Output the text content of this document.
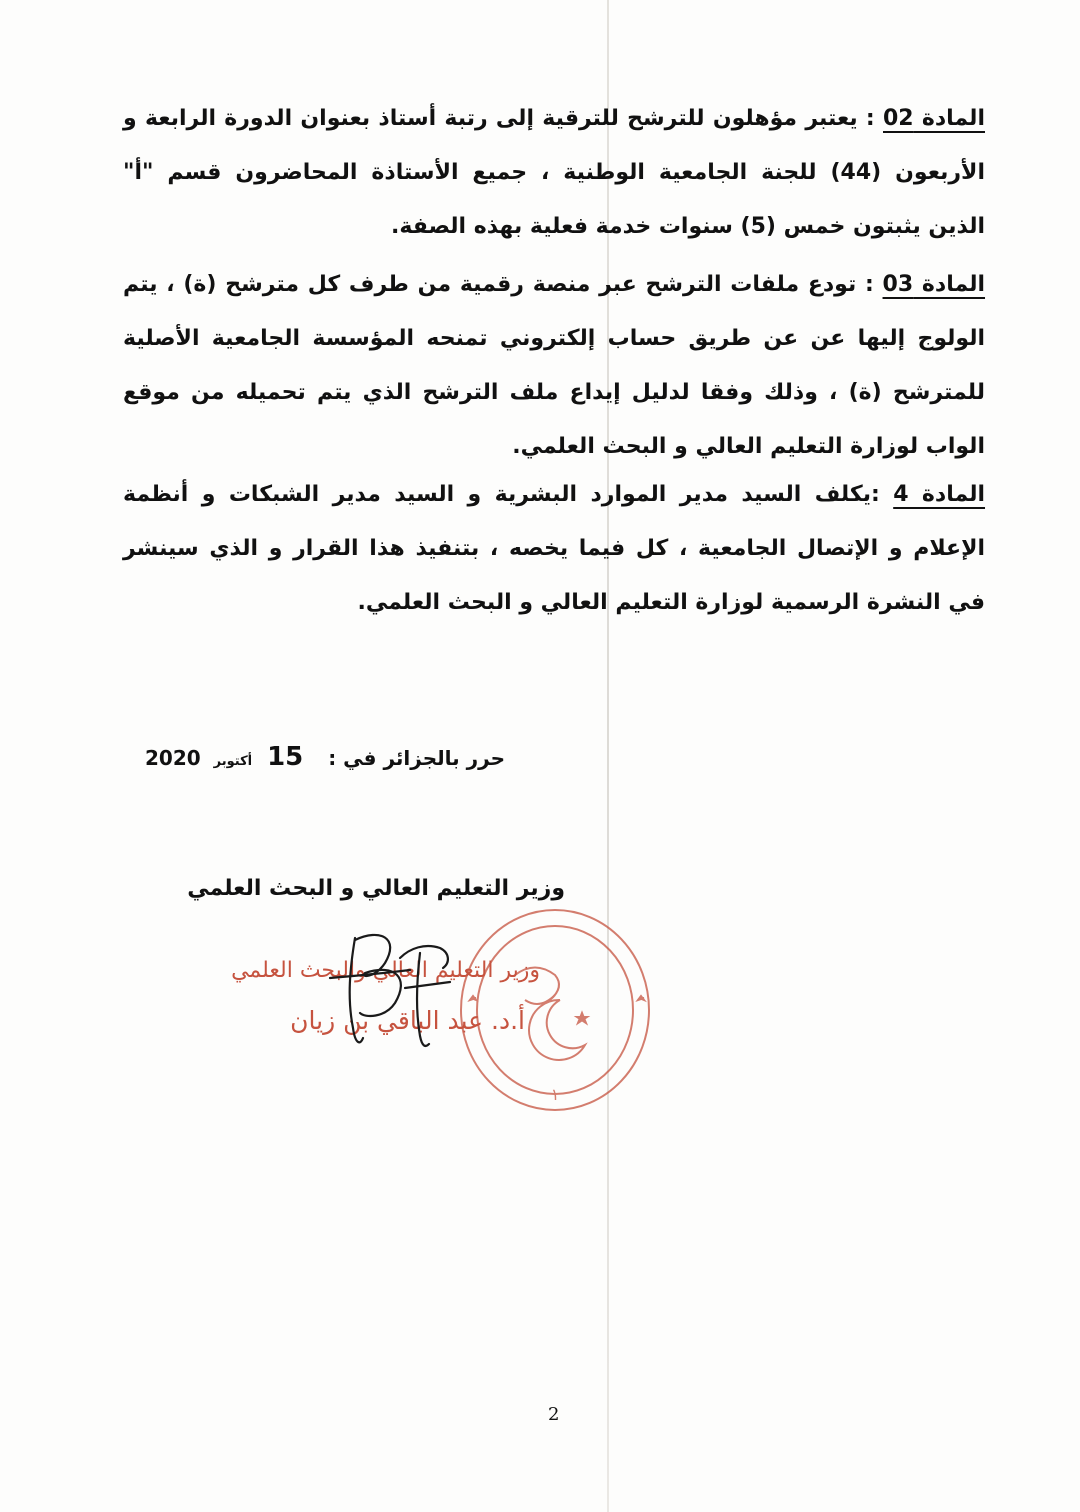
المادة 02 : يعتبر مؤهلون للترشح للترقية إلى رتبة أستاذ بعنوان الدورة الرابعة و الأربعون (44) للجنة الجامعية الوطنية ، جميع الأستاذة المحاضرون قسم "أ" الذين يثبتون خمس (5) سنوات خدمة فعلية بهذه الصفة.
المادة 03 : تودع ملفات الترشح عبر منصة رقمية من طرف كل مترشح (ة) ، يتم الولوج إليها عن عن طريق حساب إلكتروني تمنحه المؤسسة الجامعية الأصلية للمترشح (ة) ، وذلك وفقا لدليل إيداع ملف الترشح الذي يتم تحميله من موقع الواب لوزارة التعليم العالي و البحث العلمي.
المادة 4 :يكلف السيد مدير الموارد البشرية و السيد مدير الشبكات و أنظمة الإعلام و الإتصال الجامعية ، كل فيما يخصه ، بتنفيذ هذا القرار و الذي سينشر في النشرة الرسمية لوزارة التعليم العالي و البحث العلمي.
حرر بالجزائر في : 15 أكتوبر 2020
وزير التعليم العالي و البحث العلمي
١
وزير التعليم العالي والبحث العلمي
أ.د. عبد الباقي بن زيان
2
